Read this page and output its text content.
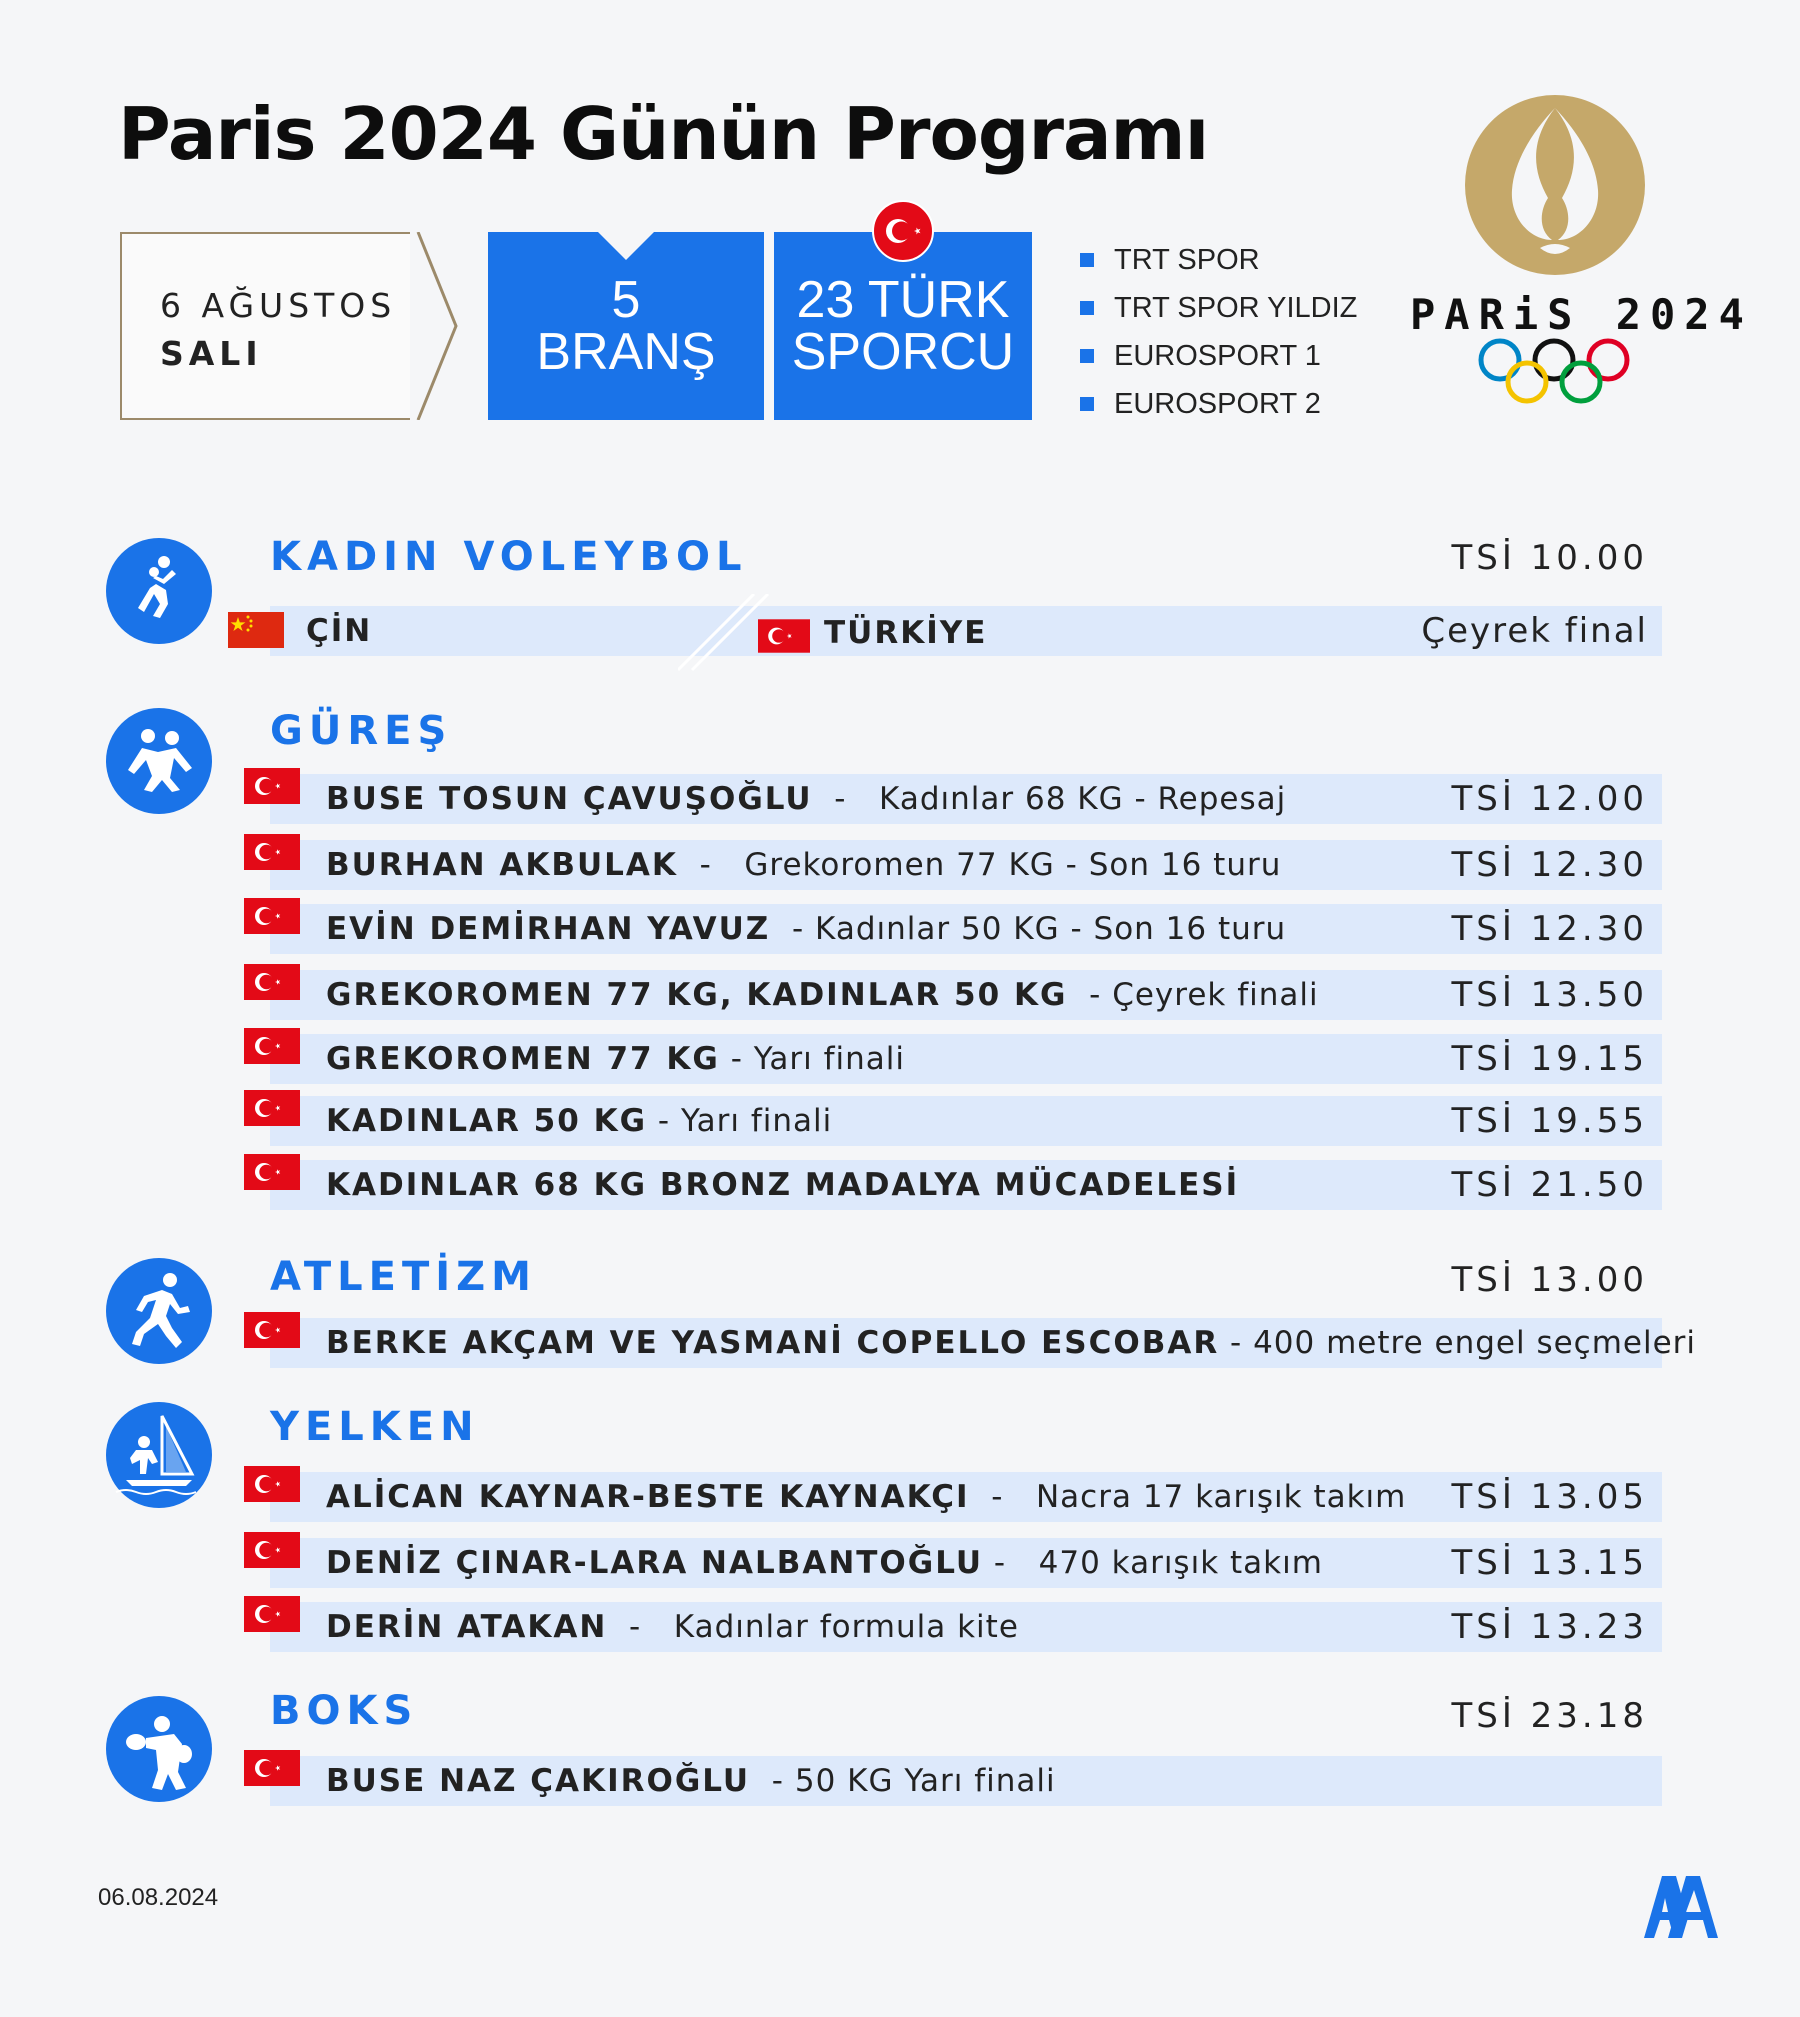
Paris 2024 Günün Programı
6 AĞUSTOS
SALI
5
BRANŞ
23 TÜRK
SPORCU
TRT SPOR
TRT SPOR YILDIZ
EUROSPORT 1
EUROSPORT 2
PARiS 2024
KADIN VOLEYBOL	TSİ 10.00
ÇİN	TÜRKİYE	Çeyrek final
GÜREŞ
BUSE TOSUN ÇAVUŞOĞLU -   Kadınlar 68 KG - Repesaj	TSİ 12.00
BURHAN AKBULAK -   Grekoromen 77 KG - Son 16 turu	TSİ 12.30
EVİN DEMİRHAN YAVUZ - Kadınlar 50 KG - Son 16 turu	TSİ 12.30
GREKOROMEN 77 KG, KADINLAR 50 KG - Çeyrek finali	TSİ 13.50
GREKOROMEN 77 KG - Yarı finali	TSİ 19.15
KADINLAR 50 KG - Yarı finali	TSİ 19.55
KADINLAR 68 KG BRONZ MADALYA MÜCADELESİ	TSİ 21.50
ATLETİZM	TSİ 13.00
BERKE AKÇAM VE YASMANİ COPELLO ESCOBAR - 400 metre engel seçmeleri
YELKEN
ALİCAN KAYNAR-BESTE KAYNAKÇI -   Nacra 17 karışık takım TSİ 13.05
DENİZ ÇINAR-LARA NALBANTOĞLU -   470 karışık takım	TSİ 13.15
DERİN ATAKAN -   Kadınlar formula kite	TSİ 13.23
BOKS	TSİ 23.18
BUSE NAZ ÇAKIROĞLU - 50 KG Yarı finali
06.08.2024
